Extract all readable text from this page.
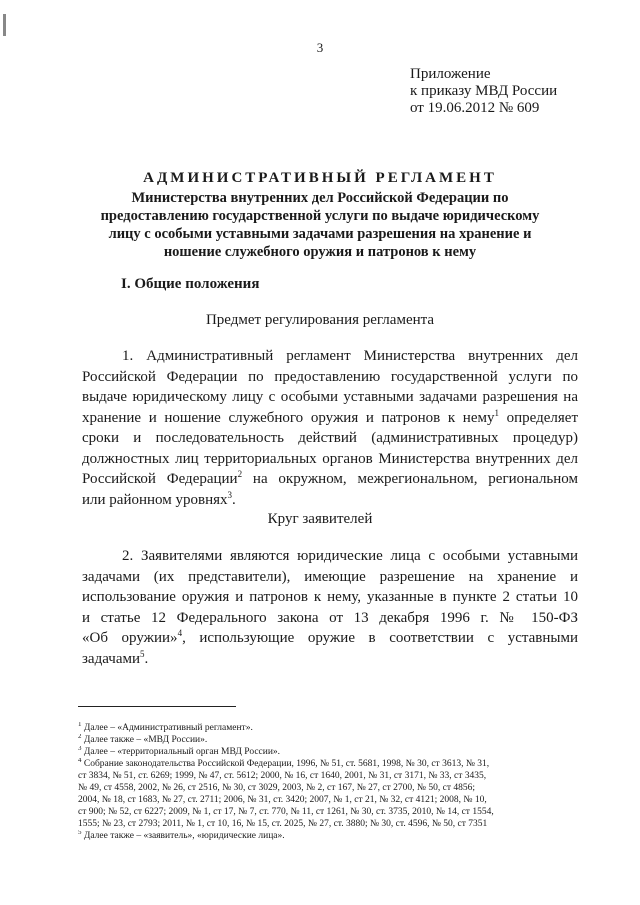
3
Приложение
к приказу МВД России
от 19.06.2012 № 609
АДМИНИСТРАТИВНЫЙ РЕГЛАМЕНТ
Министерства внутренних дел Российской Федерации по
предоставлению государственной услуги по выдаче юридическому
лицу с особыми уставными задачами разрешения на хранение и
ношение служебного оружия и патронов к нему
I. Общие положения
Предмет регулирования регламента
1. Административный регламент Министерства внутренних дел
Российской Федерации по предоставлению государственной услуги по
выдаче юридическому лицу с особыми уставными задачами разрешения на
хранение и ношение служебного оружия и патронов к нему$^1$ определяет
сроки и последовательность действий (административных процедур)
должностных лиц территориальных органов Министерства внутренних дел
Российской Федерации$^2$ на окружном, межрегиональном, региональном
или районном уровнях$^3$.
Круг заявителей
2. Заявителями являются юридические лица с особыми уставными
задачами (их представители), имеющие разрешение на хранение и
использование оружия и патронов к нему, указанные в пункте 2 статьи 10
и статье 12 Федерального закона от 13 декабря 1996 г. № 150-ФЗ
«Об оружии»$^4$, использующие оружие в соответствии с уставными
задачами$^5$.
$^1$ Далее – «Административный регламент».
$^2$ Далее также – «МВД России».
$^3$ Далее – «территориальный орган МВД России».
$^4$ Собрание законодательства Российской Федерации, 1996, № 51, ст. 5681, 1998, № 30, ст 3613, № 31,
ст 3834, № 51, ст. 6269; 1999, № 47, ст. 5612; 2000, № 16, ст 1640, 2001, № 31, ст 3171, № 33, ст 3435,
№ 49, ст 4558, 2002, № 26, ст 2516, № 30, ст 3029, 2003, № 2, ст 167, № 27, ст 2700, № 50, ст 4856;
2004, № 18, ст 1683, № 27, ст. 2711; 2006, № 31, ст. 3420; 2007, № 1, ст 21, № 32, ст 4121; 2008, № 10,
ст 900; № 52, ст 6227; 2009, № 1, ст 17, № 7, ст. 770, № 11, ст 1261, № 30, ст. 3735, 2010, № 14, ст 1554,
1555; № 23, ст 2793; 2011, № 1, ст 10, 16, № 15, ст. 2025, № 27, ст. 3880; № 30, ст. 4596, № 50, ст 7351
$^5$ Далее также – «заявитель», «юридические лица».
